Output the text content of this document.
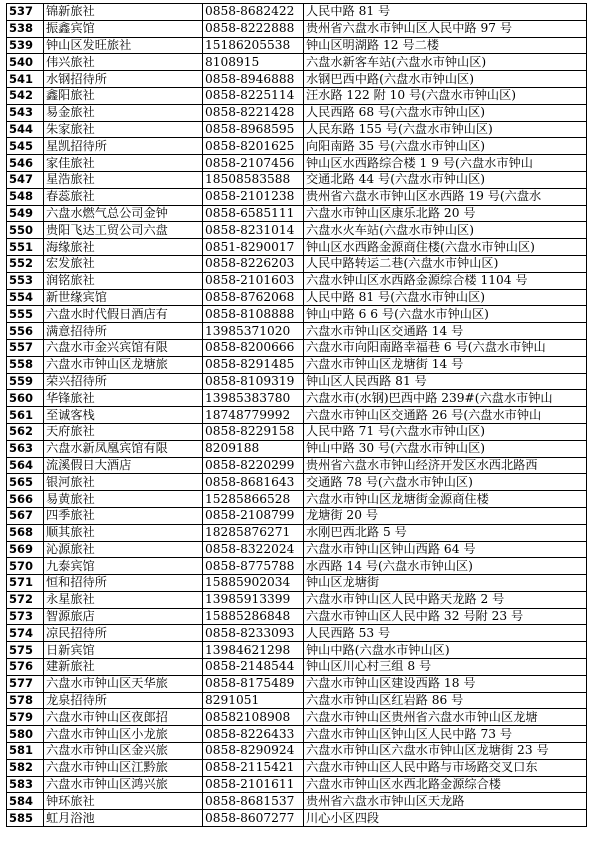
537	锦新旅社	0858-8682422	人民中路 81 号
538	振鑫宾馆	0858-8222888	贵州省六盘水市钟山区人民中路 97 号
539	钟山区发旺旅社	15186205538	钟山区明湖路 12 号二楼
540	伟兴旅社	8108915	六盘水新客车站(六盘水市钟山区)
541	水钢招待所	0858-8946888	水钢巴西中路(六盘水市钟山区)
542	鑫阳旅社	0858-8225114	汪水路 122 附 10 号(六盘水市钟山区)
543	易金旅社	0858-8221428	人民西路 68 号(六盘水市钟山区)
544	朱家旅社	0858-8968595	人民东路 155 号(六盘水市钟山区)
545	星凯招待所	0858-8201625	向阳南路 35 号(六盘水市钟山区)
546	家佳旅社	0858-2107456	钟山区水西路综合楼 1 9 号(六盘水市钟山
547	星浩旅社	18508583588	交通北路 44 号(六盘水市钟山区)
548	春蕊旅社	0858-2101238	贵州省六盘水市钟山区水西路 19 号(六盘水
549	六盘水燃气总公司金钟	0858-6585111	六盘水市钟山区康乐北路 20 号
550	贵阳飞达工贸公司六盘	0858-8231014	六盘水火车站(六盘水市钟山区)
551	海缘旅社	0851-8290017	钟山区水西路金源商住楼(六盘水市钟山区)
552	宏发旅社	0858-8226203	人民中路转运二巷(六盘水市钟山区)
553	润铭旅社	0858-2101603	六盘水钟山区水西路金源综合楼 1104 号
554	新世缘宾馆	0858-8762068	人民中路 81 号(六盘水市钟山区)
555	六盘水时代假日酒店有	0858-8108888	钟山中路 6 6 号(六盘水市钟山区)
556	满意招待所	13985371020	六盘水市钟山区交通路 14 号
557	六盘水市金兴宾馆有限	0858-8200666	六盘水市向阳南路幸福巷 6 号(六盘水市钟山
558	六盘水市钟山区龙塘旅	0858-8291485	六盘水市钟山区龙塘街 14 号
559	荣兴招待所	0858-8109319	钟山区人民西路 81 号
560	华锋旅社	13985383780	六盘水市(水钢)巴西中路 239#(六盘水市钟山
561	至诚客栈	18748779992	六盘水市钟山区交通路 26 号(六盘水市钟山
562	天府旅社	0858-8229158	人民中路 71 号(六盘水市钟山区)
563	六盘水新凤凰宾馆有限	8209188	钟山中路 30 号(六盘水市钟山区)
564	流溪假日大酒店	0858-8220299	贵州省六盘水市钟山经济开发区水西北路西
565	银河旅社	0858-8681643	交通路 78 号(六盘水市钟山区)
566	易黄旅社	15285866528	六盘水市钟山区龙塘街金源商住楼
567	四季旅社	0858-2108799	龙塘街 20 号
568	顺其旅社	18285876271	水刚巴西北路 5 号
569	沁源旅社	0858-8322024	六盘水市钟山区钟山西路 64 号
570	九泰宾馆	0858-8775788	水西路 14 号(六盘水市钟山区)
571	恒和招待所	15885902034	钟山区龙塘街
572	永星旅社	13985913399	六盘水市钟山区人民中路天龙路 2 号
573	智源旅店	15885286848	六盘水市钟山区人民中路 32 号附 23 号
574	凉民招待所	0858-8233093	人民西路 53 号
575	日新宾馆	13984621298	钟山中路(六盘水市钟山区)
576	建新旅社	0858-2148544	钟山区川心村三组 8 号
577	六盘水市钟山区天华旅	0858-8175489	六盘水市钟山区建设西路 18 号
578	龙泉招待所	8291051	六盘水市钟山区红岩路 86 号
579	六盘水市钟山区夜郎招	08582108908	六盘水市钟山区贵州省六盘水市钟山区龙塘
580	六盘水市钟山区小龙旅	0858-8226433	六盘水市钟山区钟山区人民中路 73 号
581	六盘水市钟山区金兴旅	0858-8290924	六盘水市钟山区六盘水市钟山区龙塘街 23 号
582	六盘水市钟山区江黔旅	0858-2115421	六盘水市钟山区人民中路与市场路交叉口东
583	六盘水市钟山区鸿兴旅	0858-2101611	六盘水市钟山区水西北路金源综合楼
584	钟环旅社	0858-8681537	贵州省六盘水市钟山区天龙路
585	虹月浴池	0858-8607277	川心小区四段
